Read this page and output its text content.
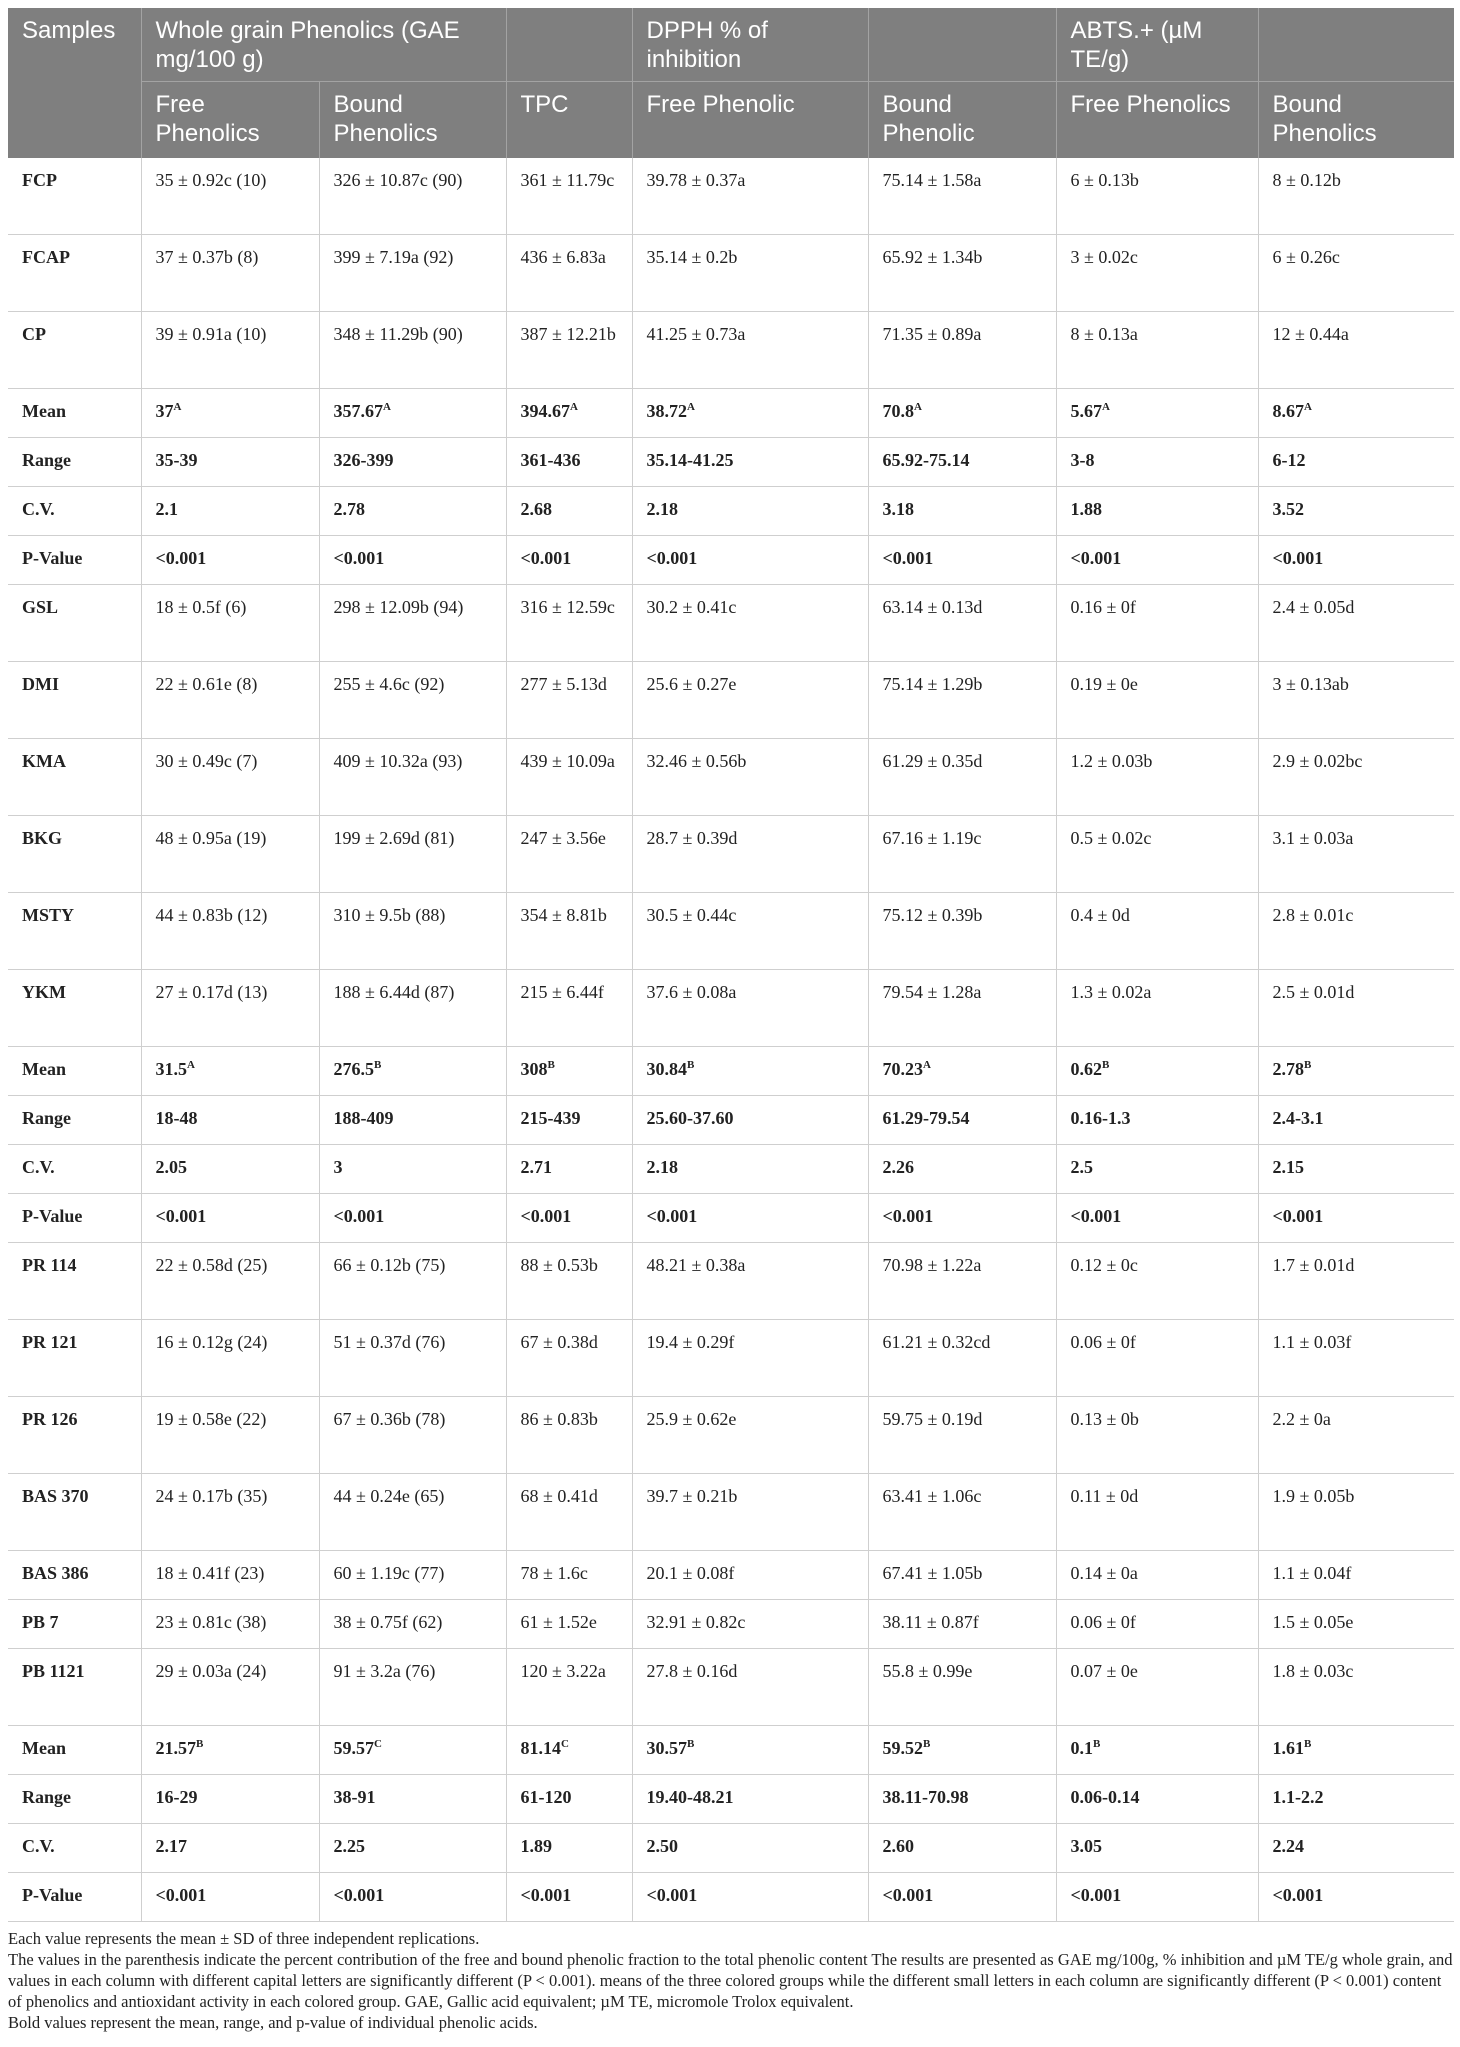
Samples	Whole grain Phenolics (GAE mg/100 g)			DPPH % of inhibition		ABTS.+ (µM TE/g)	
	Free Phenolics	Bound Phenolics	TPC	Free Phenolic	Bound Phenolic	Free Phenolics	Bound Phenolics
FCP	35 ± 0.92c (10)	326 ± 10.87c (90)	361 ± 11.79c	39.78 ± 0.37a	75.14 ± 1.58a	6 ± 0.13b	8 ± 0.12b
FCAP	37 ± 0.37b (8)	399 ± 7.19a (92)	436 ± 6.83a	35.14 ± 0.2b	65.92 ± 1.34b	3 ± 0.02c	6 ± 0.26c
CP	39 ± 0.91a (10)	348 ± 11.29b (90)	387 ± 12.21b	41.25 ± 0.73a	71.35 ± 0.89a	8 ± 0.13a	12 ± 0.44a
Mean	$37^A$	$357.67^A$	$394.67^A$	$38.72^A$	$70.8^A$	$5.67^A$	$8.67^A$
Range	35-39	326-399	361-436	35.14-41.25	65.92-75.14	3-8	6-12
C.V.	2.1	2.78	2.68	2.18	3.18	1.88	3.52
P-Value	<0.001	<0.001	<0.001	<0.001	<0.001	<0.001	<0.001
GSL	18 ± 0.5f (6)	298 ± 12.09b (94)	316 ± 12.59c	30.2 ± 0.41c	63.14 ± 0.13d	0.16 ± 0f	2.4 ± 0.05d
DMI	22 ± 0.61e (8)	255 ± 4.6c (92)	277 ± 5.13d	25.6 ± 0.27e	75.14 ± 1.29b	0.19 ± 0e	3 ± 0.13ab
KMA	30 ± 0.49c (7)	409 ± 10.32a (93)	439 ± 10.09a	32.46 ± 0.56b	61.29 ± 0.35d	1.2 ± 0.03b	2.9 ± 0.02bc
BKG	48 ± 0.95a (19)	199 ± 2.69d (81)	247 ± 3.56e	28.7 ± 0.39d	67.16 ± 1.19c	0.5 ± 0.02c	3.1 ± 0.03a
MSTY	44 ± 0.83b (12)	310 ± 9.5b (88)	354 ± 8.81b	30.5 ± 0.44c	75.12 ± 0.39b	0.4 ± 0d	2.8 ± 0.01c
YKM	27 ± 0.17d (13)	188 ± 6.44d (87)	215 ± 6.44f	37.6 ± 0.08a	79.54 ± 1.28a	1.3 ± 0.02a	2.5 ± 0.01d
Mean	$31.5^A$	$276.5^B$	$308^B$	$30.84^B$	$70.23^A$	$0.62^B$	$2.78^B$
Range	18-48	188-409	215-439	25.60-37.60	61.29-79.54	0.16-1.3	2.4-3.1
C.V.	2.05	3	2.71	2.18	2.26	2.5	2.15
P-Value	<0.001	<0.001	<0.001	<0.001	<0.001	<0.001	<0.001
PR 114	22 ± 0.58d (25)	66 ± 0.12b (75)	88 ± 0.53b	48.21 ± 0.38a	70.98 ± 1.22a	0.12 ± 0c	1.7 ± 0.01d
PR 121	16 ± 0.12g (24)	51 ± 0.37d (76)	67 ± 0.38d	19.4 ± 0.29f	61.21 ± 0.32cd	0.06 ± 0f	1.1 ± 0.03f
PR 126	19 ± 0.58e (22)	67 ± 0.36b (78)	86 ± 0.83b	25.9 ± 0.62e	59.75 ± 0.19d	0.13 ± 0b	2.2 ± 0a
BAS 370	24 ± 0.17b (35)	44 ± 0.24e (65)	68 ± 0.41d	39.7 ± 0.21b	63.41 ± 1.06c	0.11 ± 0d	1.9 ± 0.05b
BAS 386	18 ± 0.41f (23)	60 ± 1.19c (77)	78 ± 1.6c	20.1 ± 0.08f	67.41 ± 1.05b	0.14 ± 0a	1.1 ± 0.04f
PB 7	23 ± 0.81c (38)	38 ± 0.75f (62)	61 ± 1.52e	32.91 ± 0.82c	38.11 ± 0.87f	0.06 ± 0f	1.5 ± 0.05e
PB 1121	29 ± 0.03a (24)	91 ± 3.2a (76)	120 ± 3.22a	27.8 ± 0.16d	55.8 ± 0.99e	0.07 ± 0e	1.8 ± 0.03c
Mean	$21.57^B$	$59.57^C$	$81.14^C$	$30.57^B$	$59.52^B$	$0.1^B$	$1.61^B$
Range	16-29	38-91	61-120	19.40-48.21	38.11-70.98	0.06-0.14	1.1-2.2
C.V.	2.17	2.25	1.89	2.50	2.60	3.05	2.24
P-Value	<0.001	<0.001	<0.001	<0.001	<0.001	<0.001	<0.001

Each value represents the mean ± SD of three independent replications.

The values in the parenthesis indicate the percent contribution of the free and bound phenolic fraction to the total phenolic content The results are presented as GAE mg/100g, % inhibition and µM TE/g whole grain, and values in each column with different capital letters are significantly different (P < 0.001). means of the three colored groups while the different small letters in each column are significantly different (P < 0.001) content of phenolics and antioxidant activity in each colored group. GAE, Gallic acid equivalent; µM TE, micromole Trolox equivalent.

Bold values represent the mean, range, and p-value of individual phenolic acids.
